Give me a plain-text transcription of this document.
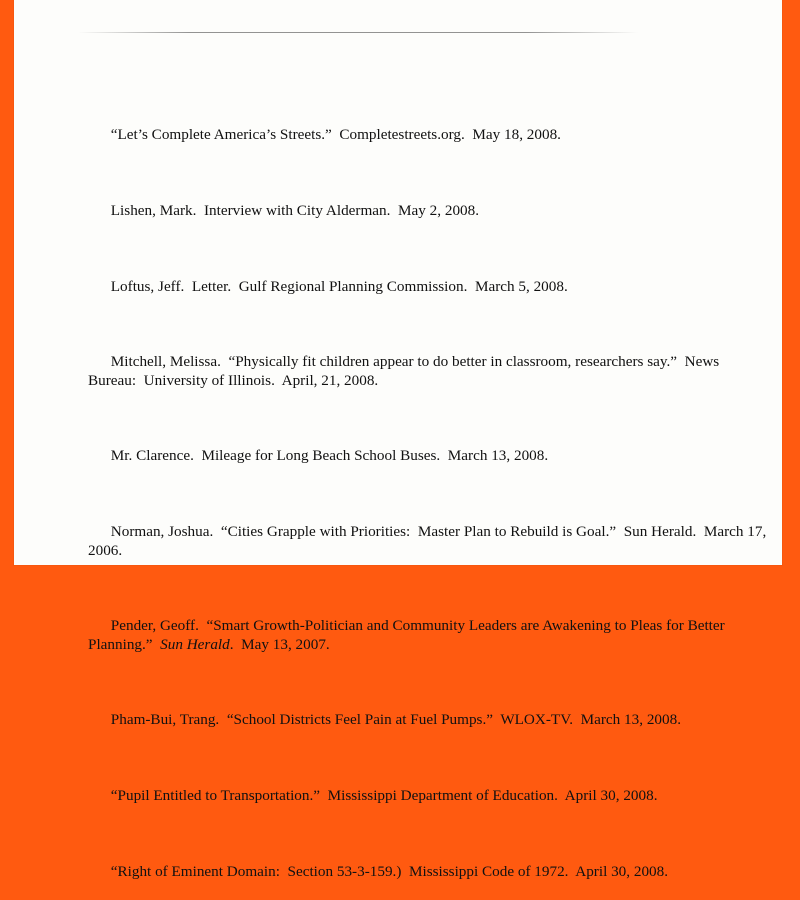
“Let’s Complete America’s Streets.”  Completestreets.org.  May 18, 2008.

Lishen, Mark.  Interview with City Alderman.  May 2, 2008.

Loftus, Jeff.  Letter.  Gulf Regional Planning Commission.  March 5, 2008.

Mitchell, Melissa.  “Physically fit children appear to do better in classroom, researchers say.”  News Bureau:  University of Illinois.  April, 21, 2008.

Mr. Clarence.  Mileage for Long Beach School Buses.  March 13, 2008.

Norman, Joshua.  “Cities Grapple with Priorities:  Master Plan to Rebuild is Goal.”  Sun Herald.  March 17, 2006.

Pender, Geoff.  “Smart Growth-Politician and Community Leaders are Awakening to Pleas for Better Planning.”  Sun Herald.  May 13, 2007.

Pham-Bui, Trang.  “School Districts Feel Pain at Fuel Pumps.”  WLOX-TV.  March 13, 2008.

“Pupil Entitled to Transportation.”  Mississippi Department of Education.  April 30, 2008.

“Right of Eminent Domain:  Section 53-3-159.)  Mississippi Code of 1972.  April 30, 2008.
